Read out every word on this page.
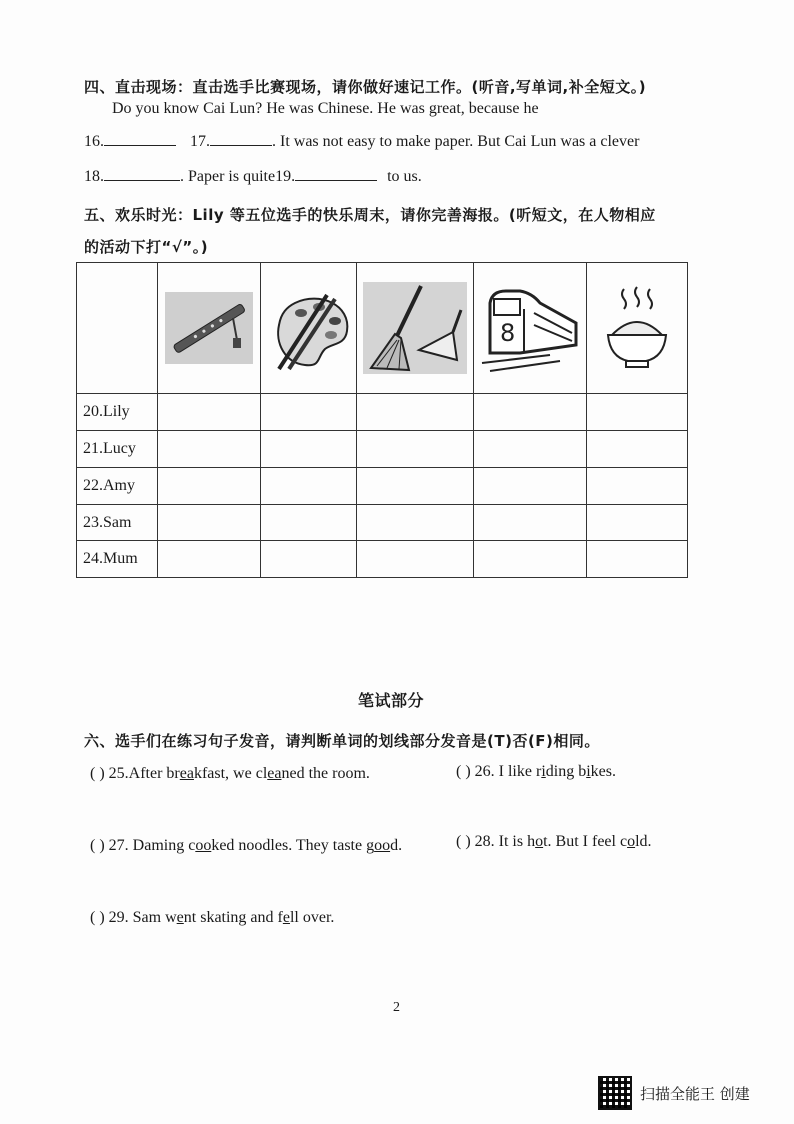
四、直击现场：直击选手比赛现场，请你做好速记工作。(听音,写单词,补全短文。)
Do you know Cai Lun? He was Chinese. He was great, because he
16.	17.	. It was not easy to make paper. But Cai Lun was a clever
18.	. Paper is quite19.	to us.
五、欢乐时光：Lily 等五位选手的快乐周末，请你完善海报。(听短文，在人物相应
的活动下打“√”。)

8

20.Lily					
21.Lucy					
22.Amy					
23.Sam					
24.Mum					
笔试部分
六、选手们在练习句子发音，请判断单词的划线部分发音是(T)否(F)相同。
( ) 25.After breakfast, we cleaned the room.	( ) 26. I like riding bikes.
( ) 27. Daming cooked noodles. They taste good.	( ) 28. It is hot. But I feel cold.
( ) 29. Sam went skating and fell over.
2
扫描全能王 创建
